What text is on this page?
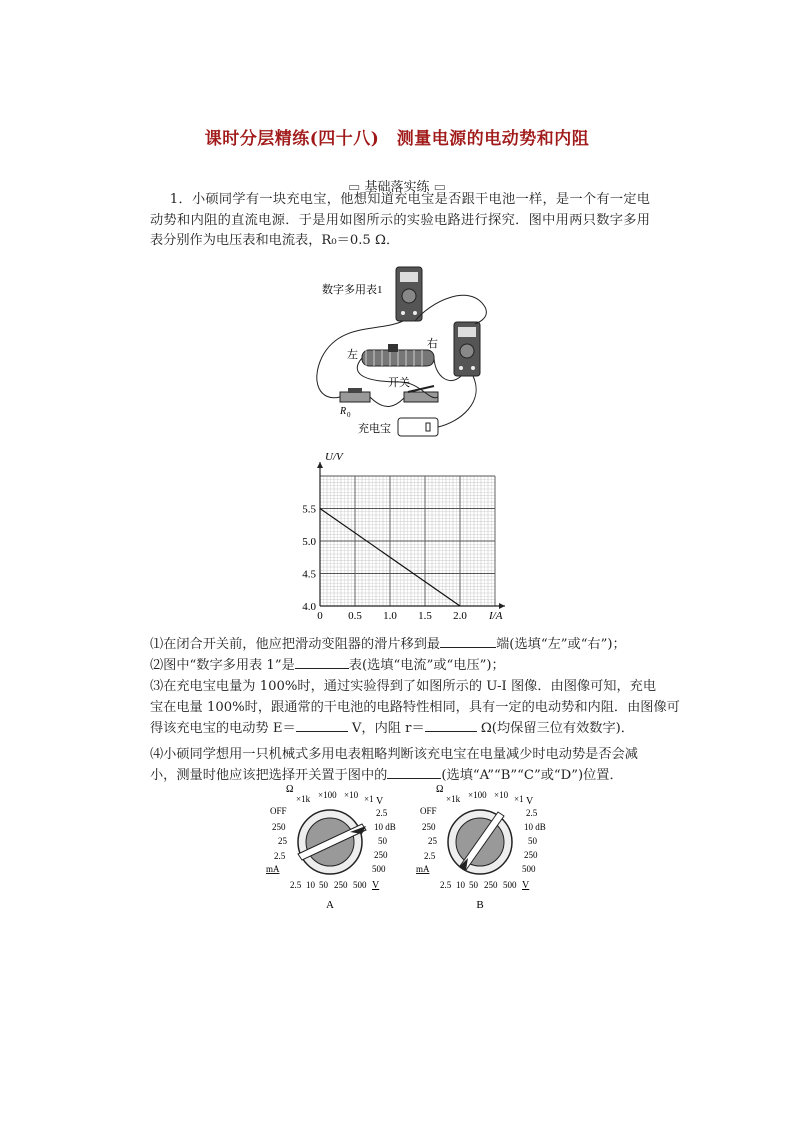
课时分层精练(四十八)　测量电源的电动势和内阻
▭ 基础落实练 ▭
1．小硕同学有一块充电宝，他想知道充电宝是否跟干电池一样，是一个有一定电动势和内阻的直流电源．于是用如图所示的实验电路进行探究．图中用两只数字多用表分别作为电压表和电流表，R₀＝0.5 Ω．
数字多用表1
左
右
开关
R 0
充电宝
0 0.5 1.0 1.5 2.0
4.0
4.5
5.0
5.5
U/V
I/A
⑴在闭合开关前，他应把滑动变阻器的滑片移到最	端(选填“左”或“右”)；
⑵图中“数字多用表 1”是	表(选填“电流”或“电压”)；
⑶在充电宝电量为 100%时，通过实验得到了如图所示的 U-I 图像．由图像可知，充电
宝在电量 100%时，跟通常的干电池的电路特性相同，具有一定的电动势和内阻．由图像可
得该充电宝的电动势 E＝	V，内阻 r＝	Ω(均保留三位有效数字)．
⑷小硕同学想用一只机械式多用电表粗略判断该充电宝在电量减少时电动势是否会减
小，测量时他应该把选择开关置于图中的	(选填“A”“B”“C”或“D”)位置．
Ω
×1k ×100 ×10 ×1 V
OFF
250
25
2.5
mA
2.5
10 dB
50
250
500
2.5 10 50 250 500 V
A
Ω
×1k ×100 ×10 ×1 V
OFF
250
25
2.5
mA
2.5
10 dB
50
250
500
2.5 10 50 250 500 V
B
